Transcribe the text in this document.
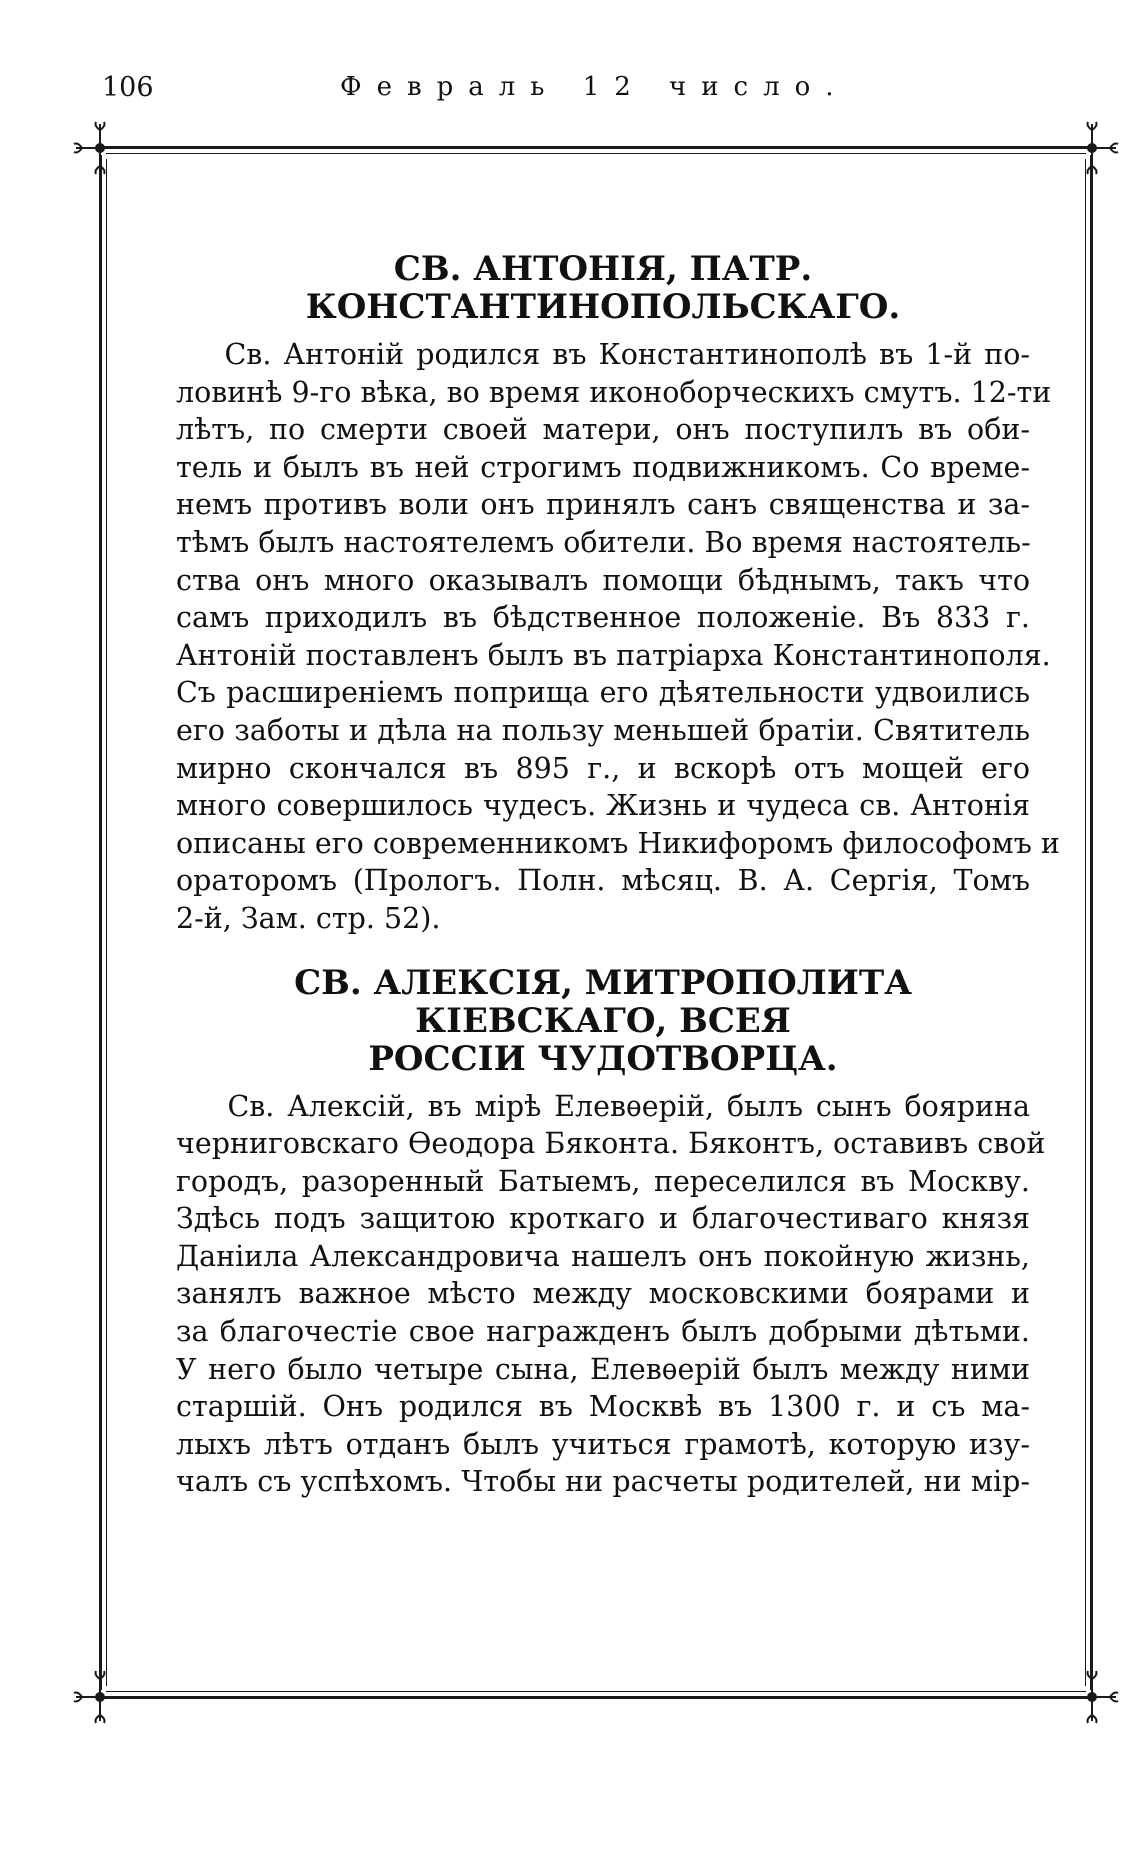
106	Февраль 12 число.
СВ. АНТОНІЯ, ПАТР. КОНСТАНТИНОПОЛЬСКАГО.
Св. Антоній родился въ Константинополѣ въ 1-й по-
ловинѣ 9-го вѣка, во время иконоборческихъ смутъ. 12-ти
лѣтъ, по смерти своей матери, онъ поступилъ въ оби-
тель и былъ въ ней строгимъ подвижникомъ. Со време-
немъ противъ воли онъ принялъ санъ священства и за-
тѣмъ былъ настоятелемъ обители. Во время настоятель-
ства онъ много оказывалъ помощи бѣднымъ, такъ что
самъ приходилъ въ бѣдственное положеніе. Въ 833 г.
Антоній поставленъ былъ въ патріарха Константинополя.
Съ расширеніемъ поприща его дѣятельности удвоились
его заботы и дѣла на пользу меньшей братіи. Святитель
мирно скончался въ 895 г., и вскорѣ отъ мощей его
много совершилось чудесъ. Жизнь и чудеса св. Антонія
описаны его современникомъ Никифоромъ философомъ и
ораторомъ (Прологъ. Полн. мѣсяц. В. А. Сергія, Томъ
2-й, Зам. стр. 52).
СВ. АЛЕКСІЯ, МИТРОПОЛИТА КІЕВСКАГО, ВСЕЯ
РОССІИ ЧУДОТВОРЦА.
Св. Алексій, въ мірѣ Елевѳерій, былъ сынъ боярина
черниговскаго Ѳеодора Бяконта. Бяконтъ, оставивъ свой
городъ, разоренный Батыемъ, переселился въ Москву.
Здѣсь подъ защитою кроткаго и благочестиваго князя
Даніила Александровича нашелъ онъ покойную жизнь,
занялъ важное мѣсто между московскими боярами и
за благочестіе свое награжденъ былъ добрыми дѣтьми.
У него было четыре сына, Елевѳерій былъ между ними
старшій. Онъ родился въ Москвѣ въ 1300 г. и съ ма-
лыхъ лѣтъ отданъ былъ учиться грамотѣ, которую изу-
чалъ съ успѣхомъ. Чтобы ни расчеты родителей, ни мір-
